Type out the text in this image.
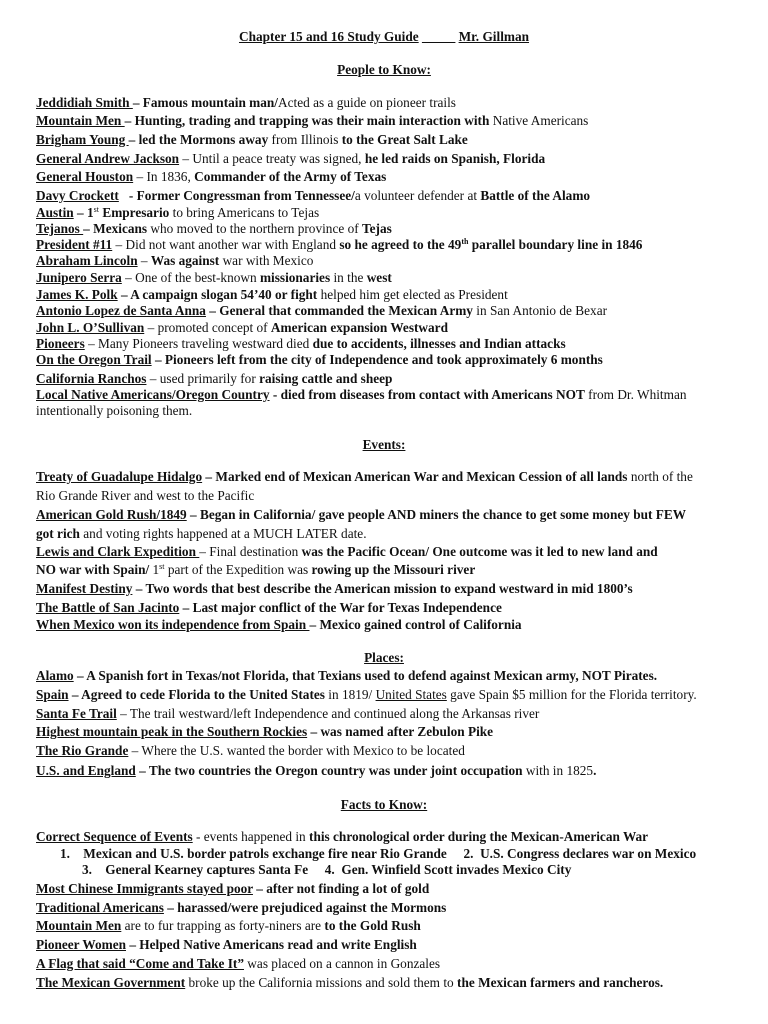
Chapter 15 and 16 Study Guide _____ Mr. Gillman
People to Know:
Jeddidiah Smith – Famous mountain man/Acted as a guide on pioneer trails
Mountain Men – Hunting, trading and trapping was their main interaction with Native Americans
Brigham Young – led the Mormons away from Illinois to the Great Salt Lake
General Andrew Jackson – Until a peace treaty was signed, he led raids on Spanish, Florida
General Houston – In 1836, Commander of the Army of Texas
Davy Crockett   - Former Congressman from Tennessee/a volunteer defender at Battle of the Alamo
Austin – 1st Empresario to bring Americans to Tejas
Tejanos – Mexicans who moved to the northern province of Tejas
President #11 – Did not want another war with England so he agreed to the 49th parallel boundary line in 1846
Abraham Lincoln – Was against war with Mexico
Junipero Serra – One of the best-known missionaries in the west
James K. Polk – A campaign slogan 54’40 or fight helped him get elected as President
Antonio Lopez de Santa Anna – General that commanded the Mexican Army in San Antonio de Bexar
John L. O’Sullivan – promoted concept of American expansion Westward
Pioneers – Many Pioneers traveling westward died due to accidents, illnesses and Indian attacks
On the Oregon Trail – Pioneers left from the city of Independence and took approximately 6 months
California Ranchos – used primarily for raising cattle and sheep
Local Native Americans/Oregon Country - died from diseases from contact with Americans NOT from Dr. Whitman
intentionally poisoning them.
Events:
Treaty of Guadalupe Hidalgo – Marked end of Mexican American War and Mexican Cession of all lands north of the
Rio Grande River and west to the Pacific
American Gold Rush/1849 – Began in California/ gave people AND miners the chance to get some money but FEW
got rich and voting rights happened at a MUCH LATER date.
Lewis and Clark Expedition – Final destination was the Pacific Ocean/ One outcome was it led to new land and
NO war with Spain/ 1st part of the Expedition was rowing up the Missouri river
Manifest Destiny – Two words that best describe the American mission to expand westward in mid 1800’s
The Battle of San Jacinto – Last major conflict of the War for Texas Independence
When Mexico won its independence from Spain – Mexico gained control of California
Places:
Alamo – A Spanish fort in Texas/not Florida, that Texians used to defend against Mexican army, NOT Pirates.
Spain – Agreed to cede Florida to the United States in 1819/ United States gave Spain $5 million for the Florida territory.
Santa Fe Trail – The trail westward/left Independence and continued along the Arkansas river
Highest mountain peak in the Southern Rockies – was named after Zebulon Pike
The Rio Grande – Where the U.S. wanted the border with Mexico to be located
U.S. and England – The two countries the Oregon country was under joint occupation with in 1825.
Facts to Know:
Correct Sequence of Events - events happened in this chronological order during the Mexican-American War
1.    Mexican and U.S. border patrols exchange fire near Rio Grande     2.  U.S. Congress declares war on Mexico
3.    General Kearney captures Santa Fe     4.  Gen. Winfield Scott invades Mexico City
Most Chinese Immigrants stayed poor – after not finding a lot of gold
Traditional Americans – harassed/were prejudiced against the Mormons
Mountain Men are to fur trapping as forty-niners are to the Gold Rush
Pioneer Women – Helped Native Americans read and write English
A Flag that said “Come and Take It” was placed on a cannon in Gonzales
The Mexican Government broke up the California missions and sold them to the Mexican farmers and rancheros.
